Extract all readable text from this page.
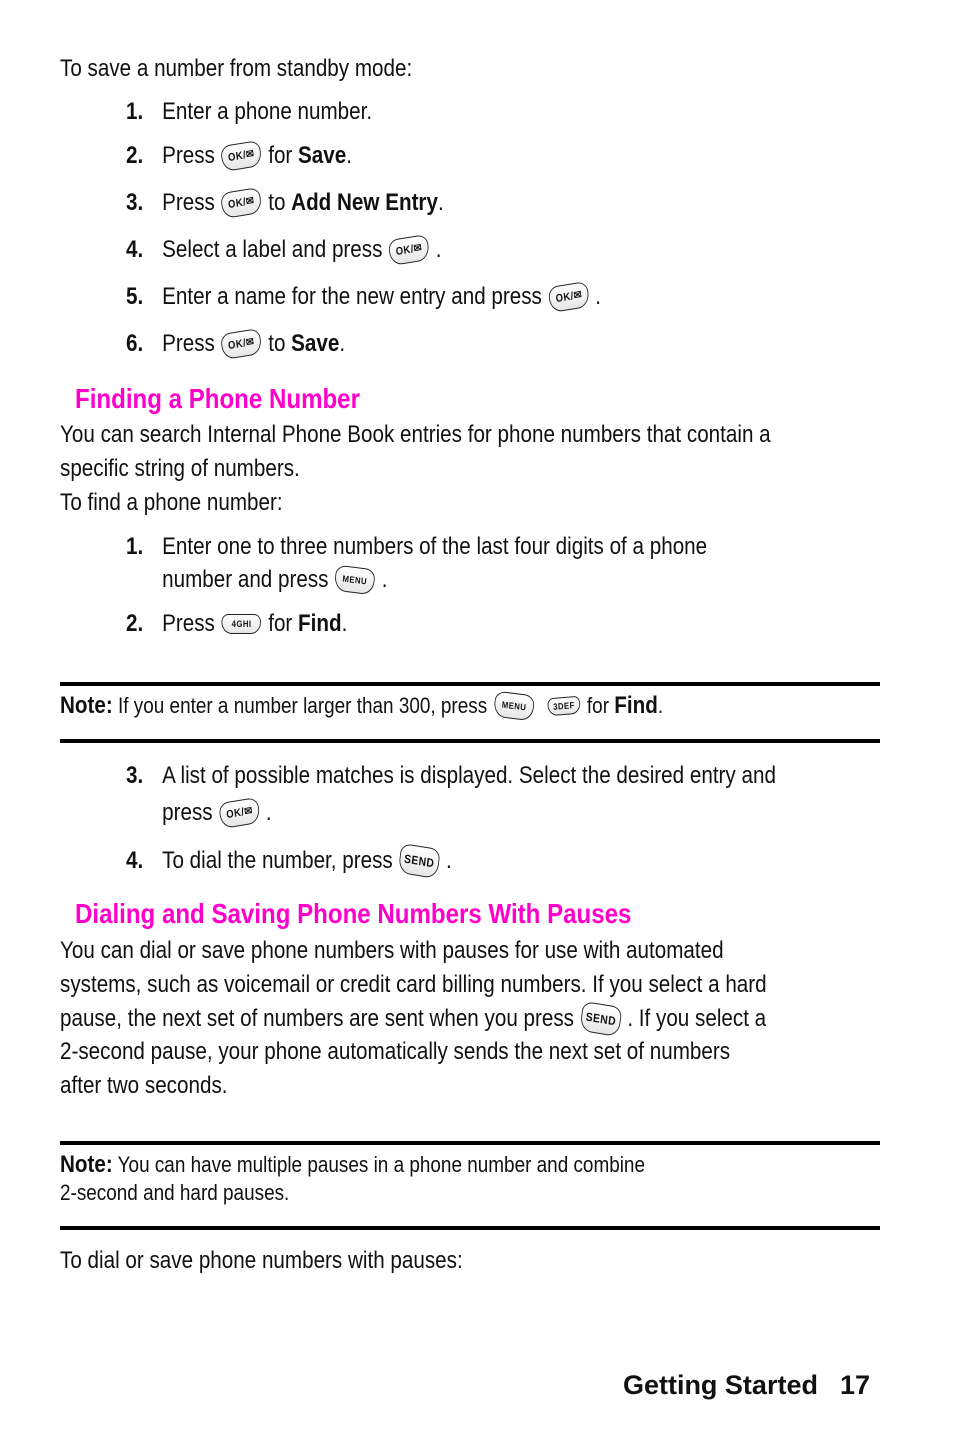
To save a number from standby mode:
1. Enter a phone number.
2. Press	OK/✉ for
Save .
3. Press	OK/✉ to
Add New Entry .
4. Select a label and press	OK/✉ .
5. Enter a name for the new entry and press	OK/✉ .
6. Press	OK/✉ to
Save .
Finding a Phone Number
You can search Internal Phone Book entries for phone numbers that contain a
specific string of numbers.
To find a phone number:
1. Enter one to three numbers of the last four digits of a phone
number and press	MENU .
2. Press	4GHI for
Find .
Note:
If you enter a number larger than 300, press	MENU	3DEF for
Find .
3. A list of possible matches is displayed. Select the desired entry and
press	OK/✉ .
4. To dial the number, press SEND .
Dialing and Saving Phone Numbers With Pauses
You can dial or save phone numbers with pauses for use with automated
systems, such as voicemail or credit card billing numbers. If you select a hard
pause, the next set of numbers are sent when you press SEND . If you select a
2-second pause, your phone automatically sends the next set of numbers
after two seconds.
Note: You can have multiple pauses in a phone number and combine
2-second and hard pauses.
To dial or save phone numbers with pauses:
Getting Started 17
